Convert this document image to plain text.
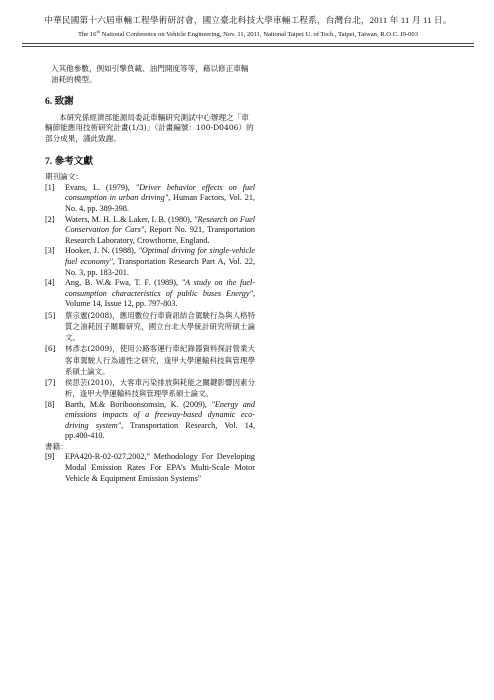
中華民國第十六屆車輛工程學術研討會，國立臺北科技大學車輛工程系，台灣台北，2011 年 11 月 11 日。
The 16th National Conference on Vehicle Engineering, Nov. 11, 2011, National Taipei U. of Tech., Taipei, Taiwan, R.O.C. I9-003

入其他參數，例如引擎負載、油門開度等等，藉以修正車輛油耗的模型。

6. 致謝

本研究係經濟部能源局委託車輛研究測試中心辦理之「車輛節能應用技術研究計畫(1/3)」（計畫編號：100-D0406）的部分成果，謹此致謝。

7. 參考文獻

期刊論文：

[1]	Evans, L. (1979), "Driver behavior effects on fuel consumption in urban driving", Human Factors, Vol. 21, No. 4, pp. 389-398.
[2]	Waters, M. H. L.& Laker, I. B. (1980), "Research on Fuel Conservation for Cars", Report No. 921, Transportation Research Laboratory, Crowthorne, England.
[3]	Hooker, J. N. (1988), "Optimal driving for single-vehicle fuel economy", Transportation Research Part A, Vol. 22, No. 3, pp. 183-201.
[4]	Ang, B. W.& Fwa, T. F. (1989), "A study on the fuel-consumption characteristics of public buses Energy", Volume 14, Issue 12, pp. 797-803.
[5]	蔡宗憲(2008)，應用數位行車資訊結合駕駛行為與人格特質之油耗因子關聯研究，國立台北大學統計研究所碩士論文。
[6]	林彥志(2009)，使用公路客運行車紀錄器資料探討營業大客車駕駛人行為適性之研究，逢甲大學運輸科技與管理學系碩士論文。
[7]	侯思芸(2010)，大客車污染排放與耗能之關鍵影響因素分析，逢甲大學運輸科技與管理學系碩士論文。
[8]	Barth, M.& Boriboonsomsin, K. (2009), "Energy and emissions impacts of a freeway-based dynamic eco-driving system", Transportation Research, Vol. 14, pp.400-410.

書籍：

[9]	EPA420-R-02-027,2002," Methodology For Developing Modal Emission Rates For EPA’s Multi-Scale Motor Vehicle & Equipment Emission Systems"
